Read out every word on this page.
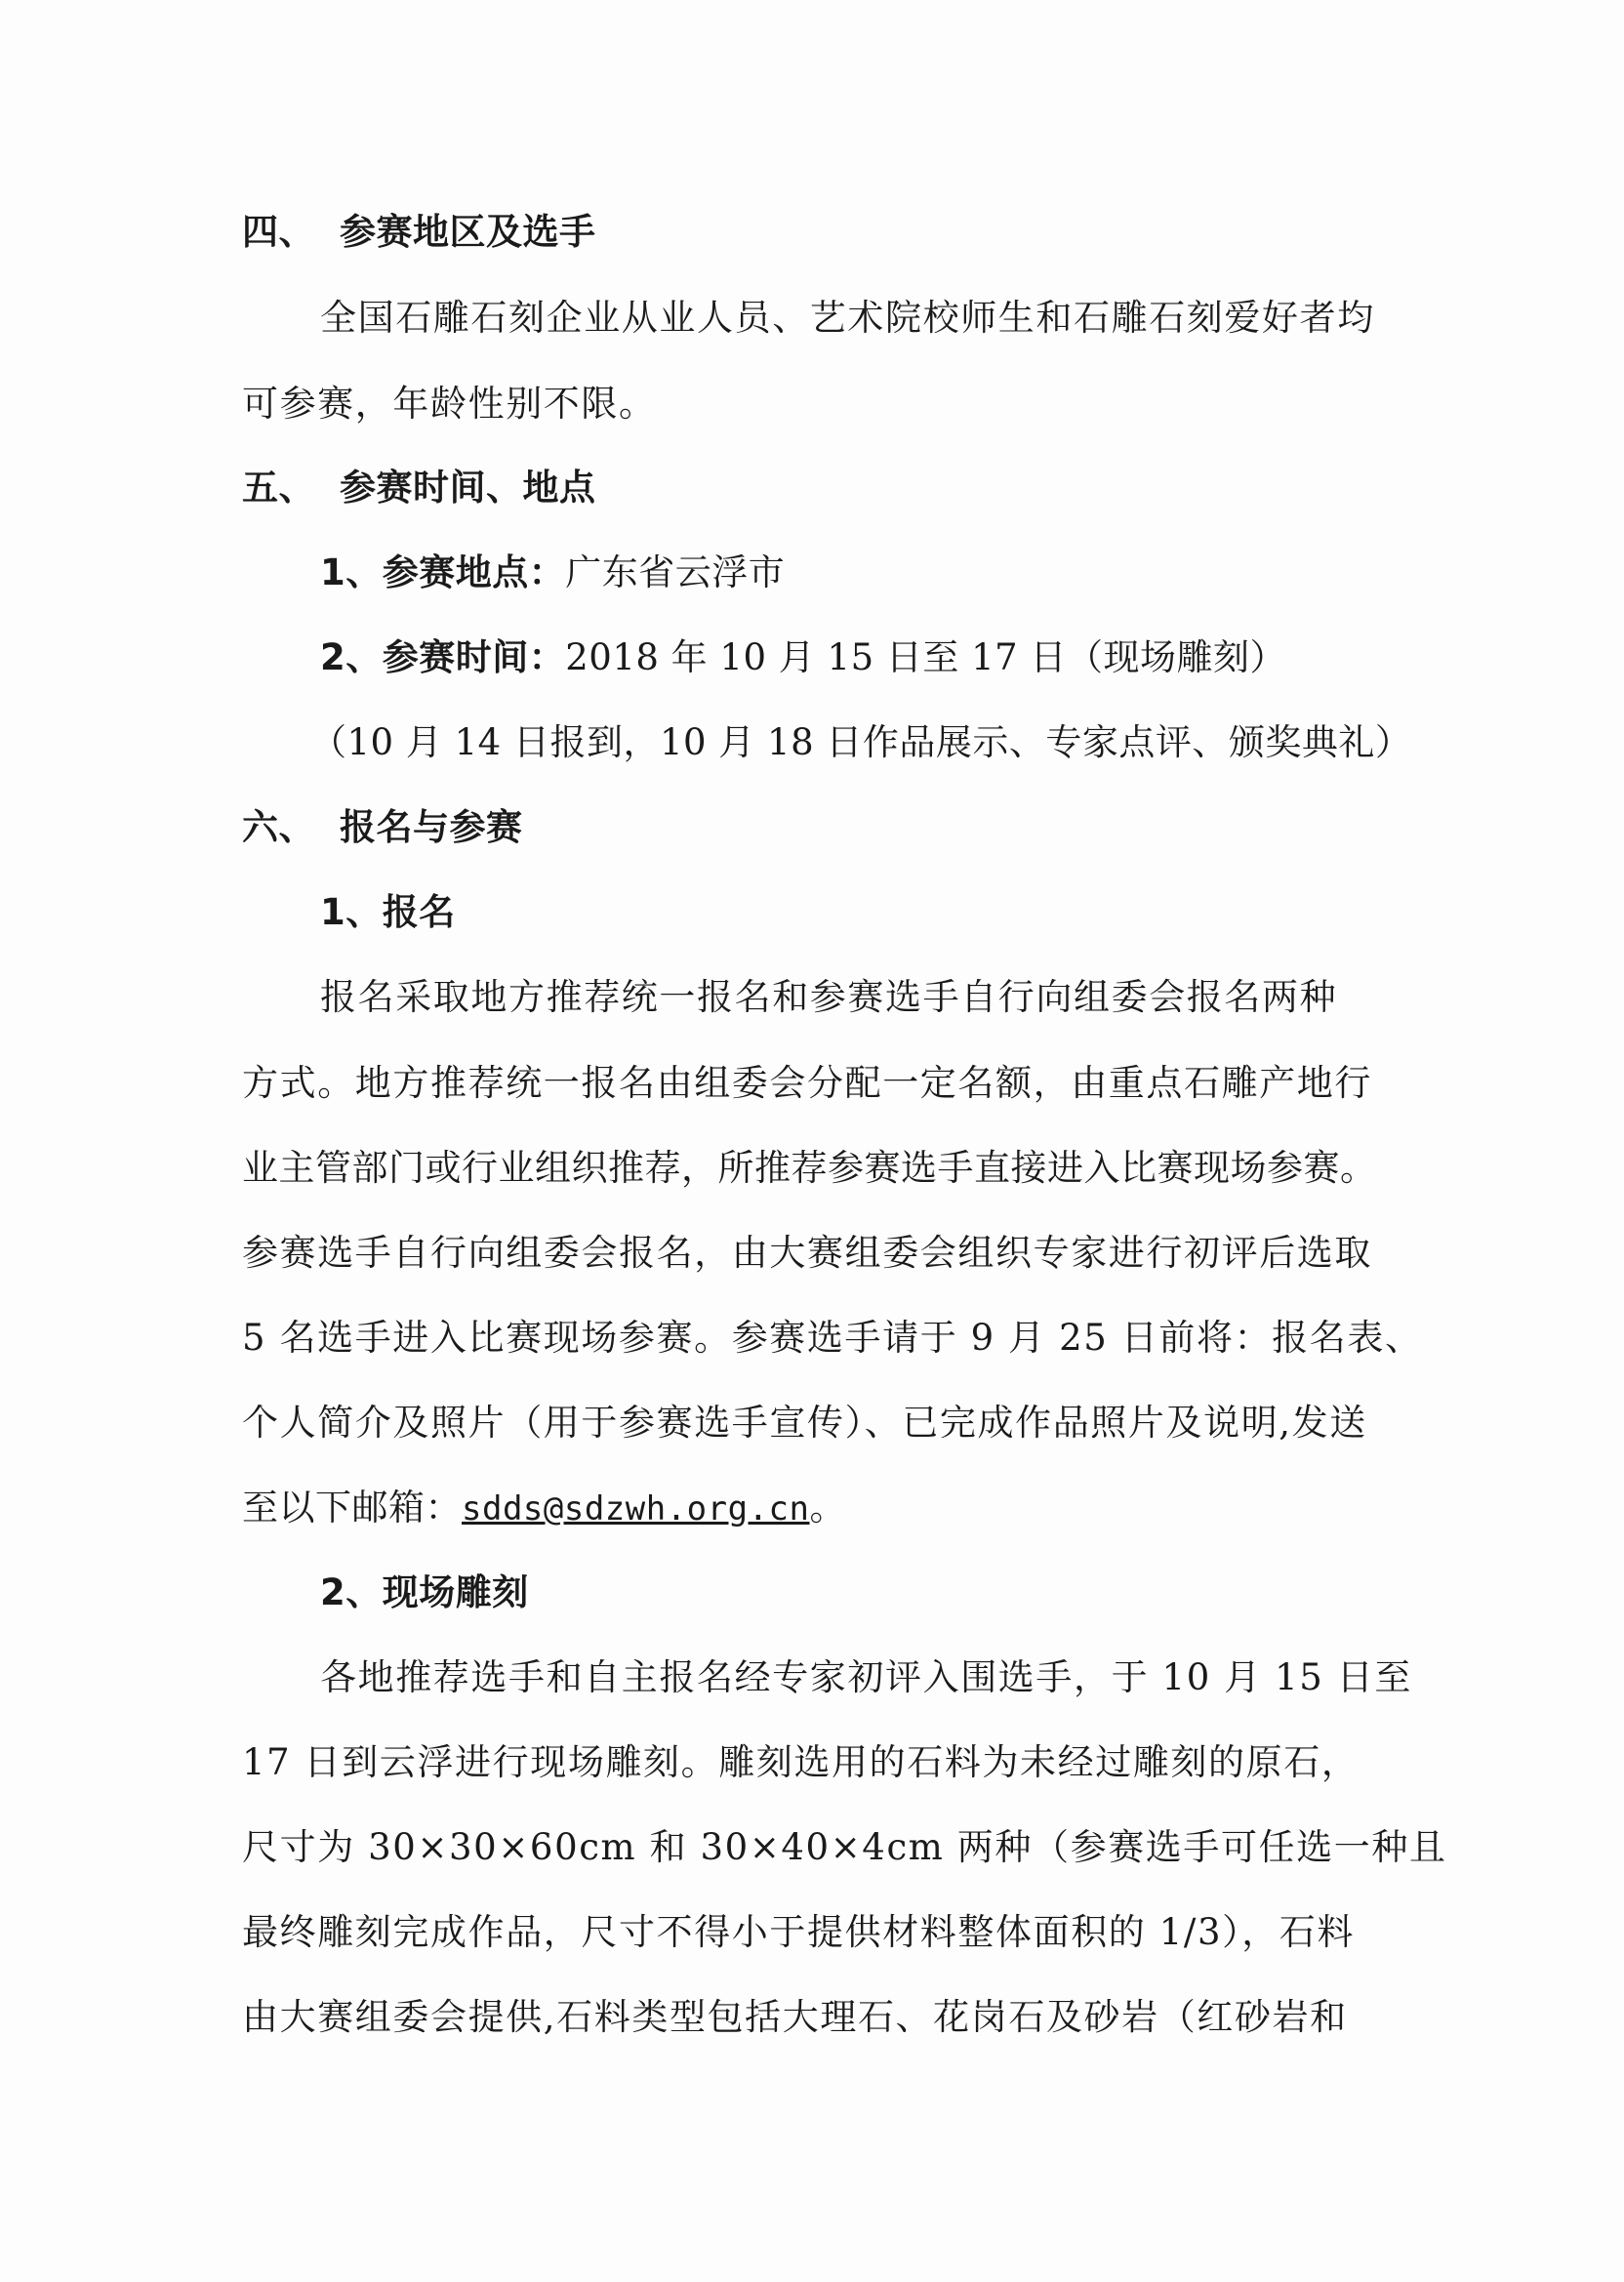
四、 参赛地区及选手
全国石雕石刻企业从业人员、艺术院校师生和石雕石刻爱好者均
可参赛，年龄性别不限。
五、 参赛时间、地点
1、参赛地点：广东省云浮市
2、参赛时间：2018 年 10 月 15 日至 17 日（现场雕刻）
（10 月 14 日报到，10 月 18 日作品展示、专家点评、颁奖典礼）
六、 报名与参赛
1、报名
报名采取地方推荐统一报名和参赛选手自行向组委会报名两种
方式。地方推荐统一报名由组委会分配一定名额，由重点石雕产地行
业主管部门或行业组织推荐，所推荐参赛选手直接进入比赛现场参赛。
参赛选手自行向组委会报名，由大赛组委会组织专家进行初评后选取
5 名选手进入比赛现场参赛。参赛选手请于 9 月 25 日前将：报名表、
个人简介及照片（用于参赛选手宣传）、已完成作品照片及说明,发送
至以下邮箱：sdds@sdzwh.org.cn。
2、现场雕刻
各地推荐选手和自主报名经专家初评入围选手，于 10 月 15 日至
17 日到云浮进行现场雕刻。雕刻选用的石料为未经过雕刻的原石，
尺寸为 30×30×60cm 和 30×40×4cm 两种（参赛选手可任选一种且
最终雕刻完成作品，尺寸不得小于提供材料整体面积的 1/3），石料
由大赛组委会提供,石料类型包括大理石、花岗石及砂岩（红砂岩和
